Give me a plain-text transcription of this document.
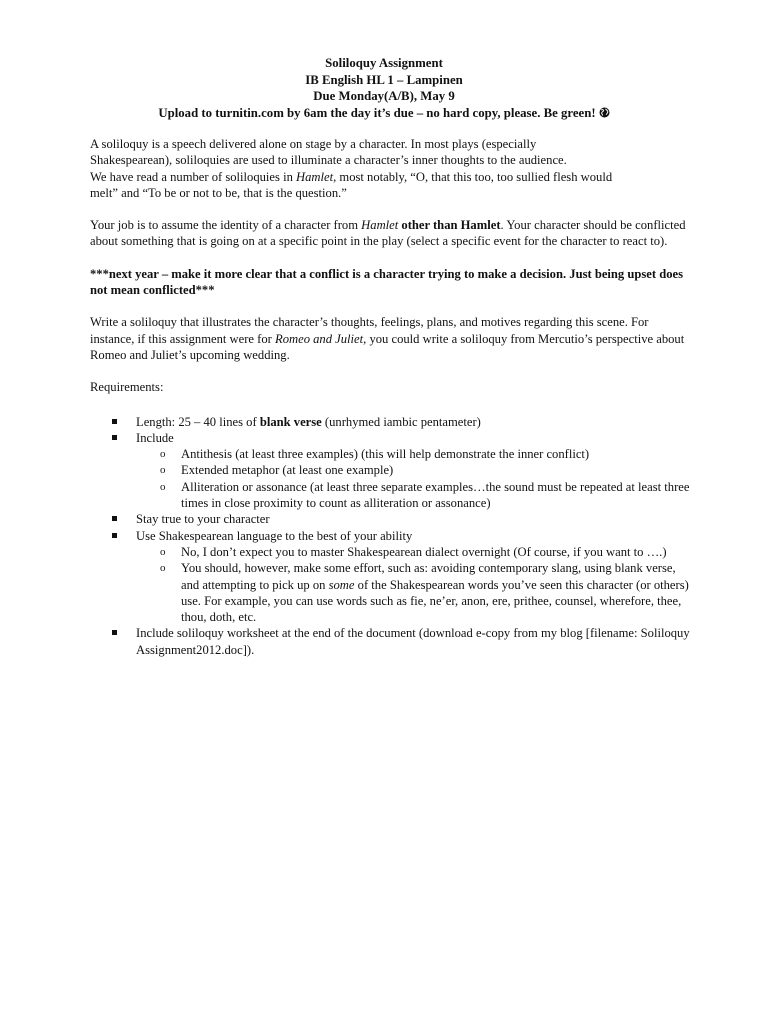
Soliloquy Assignment
IB English HL 1 – Lampinen
Due Monday(A/B), May 9
Upload to turnitin.com by 6am the day it’s due – no hard copy, please. Be green!

A soliloquy is a speech delivered alone on stage by a character. In most plays (especially
Shakespearean), soliloquies are used to illuminate a character’s inner thoughts to the audience.
We have read a number of soliloquies in Hamlet, most notably, “O, that this too, too sullied flesh would
melt” and “To be or not to be, that is the question.”

Your job is to assume the identity of a character from Hamlet other than Hamlet. Your character should be conflicted about something that is going on at a specific point in the play (select a specific event for the character to react to).

***next year – make it more clear that a conflict is a character trying to make a decision. Just being upset does not mean conflicted***

Write a soliloquy that illustrates the character’s thoughts, feelings, plans, and motives regarding this scene. For instance, if this assignment were for Romeo and Juliet, you could write a soliloquy from Mercutio’s perspective about Romeo and Juliet’s upcoming wedding.

Requirements:

Length: 25 – 40 lines of blank verse (unrhymed iambic pentameter)
Include
o Antithesis (at least three examples) (this will help demonstrate the inner conflict)
o Extended metaphor (at least one example)
o Alliteration or assonance (at least three separate examples…the sound must be repeated at least three times in close proximity to count as alliteration or assonance)
Stay true to your character
Use Shakespearean language to the best of your ability
o No, I don’t expect you to master Shakespearean dialect overnight (Of course, if you want to ….)
o You should, however, make some effort, such as: avoiding contemporary slang, using blank verse, and attempting to pick up on some of the Shakespearean words you’ve seen this character (or others) use. For example, you can use words such as fie, ne’er, anon, ere, prithee, counsel, wherefore, thee, thou, doth, etc.
Include soliloquy worksheet at the end of the document (download e-copy from my blog [filename: Soliloquy Assignment2012.doc]).
